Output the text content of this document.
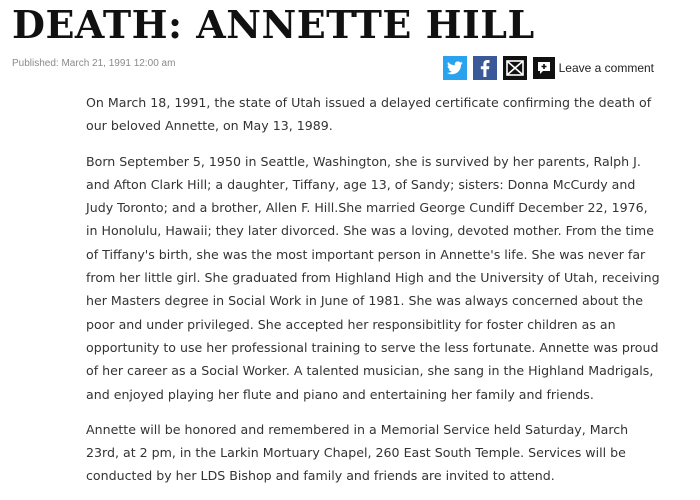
DEATH: ANNETTE HILL
Published: March 21, 1991 12:00 am	Leave a comment

On March 18, 1991, the state of Utah issued a delayed certificate confirming the death of our beloved Annette, on May 13, 1989.

Born September 5, 1950 in Seattle, Washington, she is survived by her parents, Ralph J. and Afton Clark Hill; a daughter, Tiffany, age 13, of Sandy; sisters: Donna McCurdy and Judy Toronto; and a brother, Allen F. Hill.She married George Cundiff December 22, 1976, in Honolulu, Hawaii; they later divorced. She was a loving, devoted mother. From the time of Tiffany's birth, she was the most important person in Annette's life. She was never far from her little girl. She graduated from Highland High and the University of Utah, receiving her Masters degree in Social Work in June of 1981. She was always concerned about the poor and under privileged. She accepted her responsibitlity for foster children as an opportunity to use her professional training to serve the less fortunate. Annette was proud of her career as a Social Worker. A talented musician, she sang in the Highland Madrigals, and enjoyed playing her flute and piano and entertaining her family and friends.

Annette will be honored and remembered in a Memorial Service held Saturday, March 23rd, at 2 pm, in the Larkin Mortuary Chapel, 260 East South Temple. Services will be conducted by her LDS Bishop and family and friends are invited to attend.
